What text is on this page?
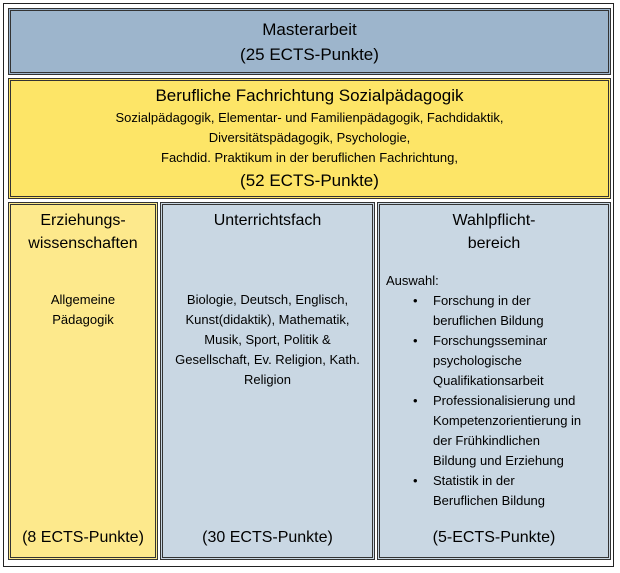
Masterarbeit
(25 ECTS-Punkte)
Berufliche Fachrichtung Sozialpädagogik
Sozialpädagogik, Elementar- und Familienpädagogik, Fachdidaktik,
Diversitätspädagogik, Psychologie,
Fachdid. Praktikum in der beruflichen Fachrichtung,
(52 ECTS-Punkte)
Erziehungs-
wissenschaften
Allgemeine
Pädagogik
(8 ECTS-Punkte)
Unterrichtsfach
Biologie, Deutsch, Englisch,
Kunst(didaktik), Mathematik,
Musik, Sport, Politik &
Gesellschaft, Ev. Religion, Kath.
Religion
(30 ECTS-Punkte)
Wahlpflicht-
bereich
Auswahl:
• Forschung in der
beruflichen Bildung
• Forschungsseminar
psychologische
Qualifikationsarbeit
• Professionalisierung und
Kompetenzorientierung in
der Frühkindlichen
Bildung und Erziehung
• Statistik in der
Beruflichen Bildung
(5-ECTS-Punkte)
